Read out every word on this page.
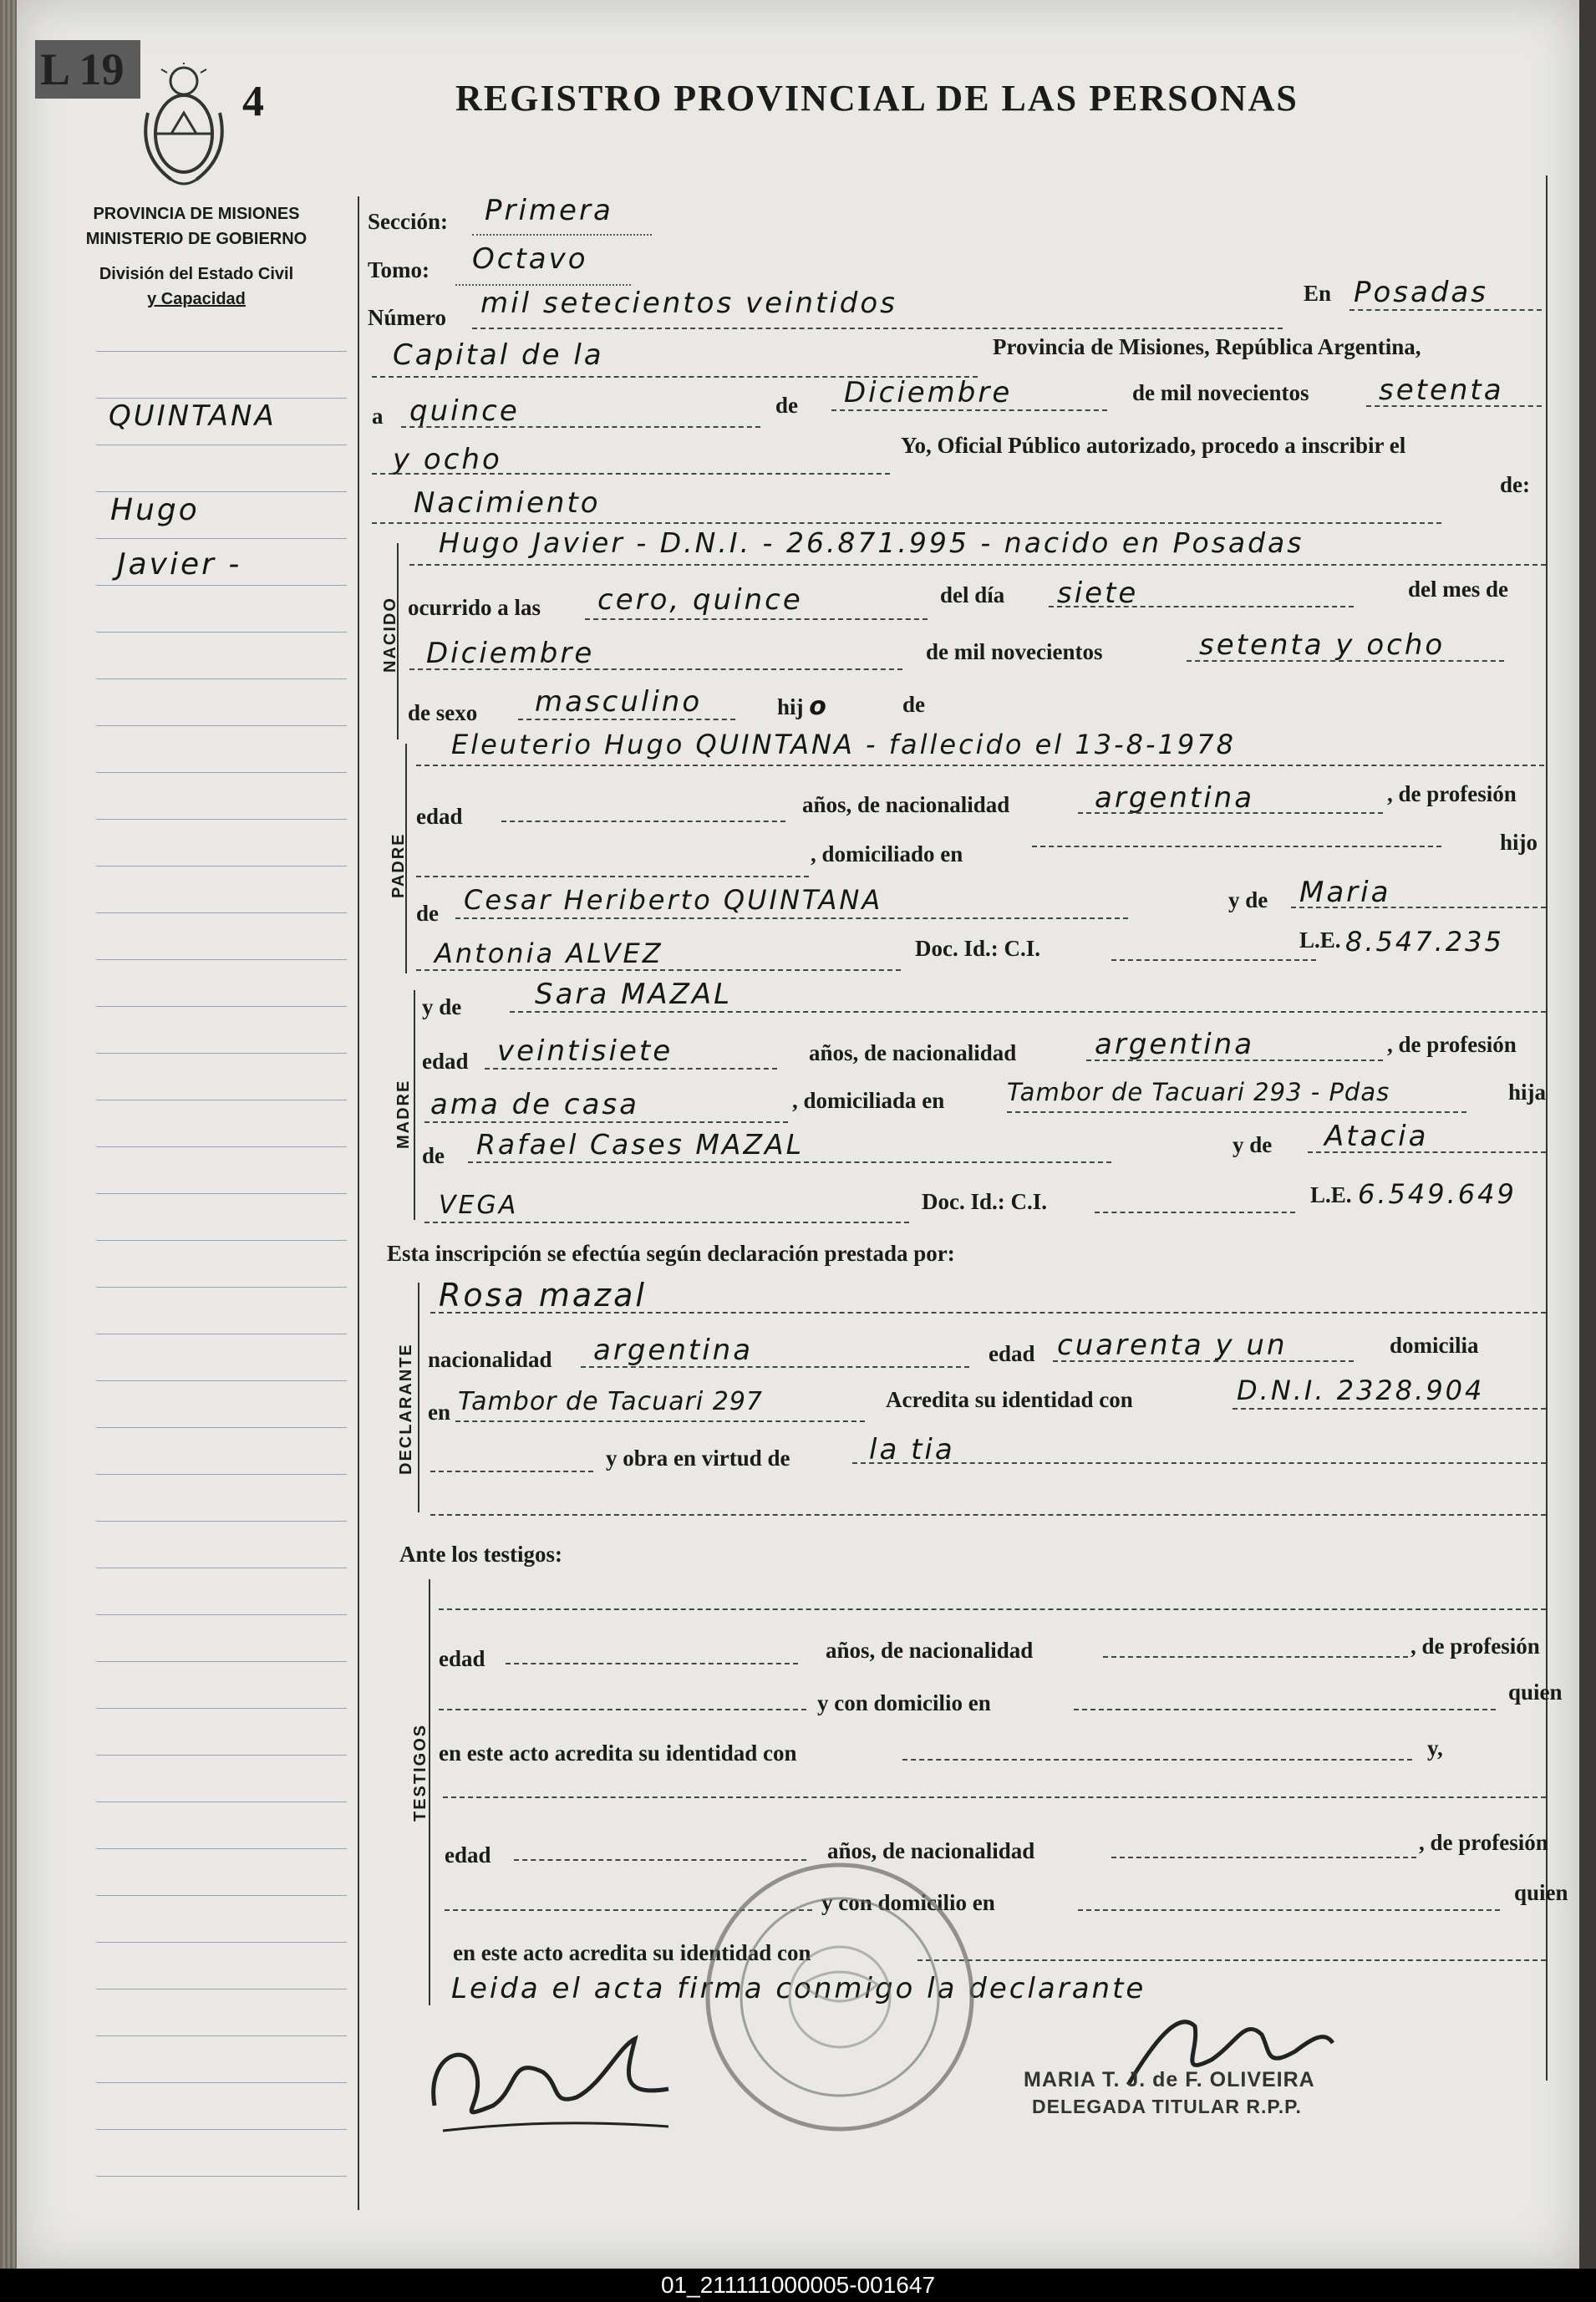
L 19
4	REGISTRO PROVINCIAL DE LAS PERSONAS
PROVINCIA DE MISIONES
MINISTERIO DE GOBIERNO
División del Estado Civil
y Capacidad
QUINTANA
Hugo
Javier -
Sección: Primera
Tomo: Octavo
Número mil setecientos veintidos	En Posadas
Capital de la	Provincia de Misiones, República Argentina,
a quince	de Diciembre	de mil novecientos setenta
y ocho	Yo, Oficial Público autorizado, procedo a inscribir el
Nacimiento
de:
NACIDO
Hugo Javier - D.N.I. - 26.871.995 - nacido en Posadas
ocurrido a las cero, quince	del día siete	del mes de
Diciembre	de mil novecientos	setenta y ocho
de sexo masculino	hij o	de
PADRE
Eleuterio Hugo QUINTANA - fallecido el 13-8-1978
edad	años, de nacionalidad	argentina	, de profesión
, domiciliado en	hijo
de Cesar Heriberto QUINTANA	y de Maria
Antonia ALVEZ	Doc. Id.: C.I.	L.E. 8.547.235
MADRE
y de	Sara MAZAL
edad veintisiete	años, de nacionalidad	argentina	, de profesión
ama de casa	, domiciliada en	Tambor de Tacuari 293 - Pdas	hija
de Rafael Cases MAZAL	y de Atacia
VEGA	Doc. Id.: C.I.	L.E. 6.549.649
Esta inscripción se efectúa según declaración prestada por:
DECLARANTE
Rosa mazal
nacionalidad argentina	edad cuarenta y un	domicilia
en Tambor de Tacuari 297	Acredita su identidad con	D.N.I. 2328.904
y obra en virtud de	la tia
Ante los testigos:
TESTIGOS
edad	años, de nacionalidad	, de profesión
y con domicilio en	quien
en este acto acredita su identidad con	y,
edad	años, de nacionalidad	, de profesión
y con domicilio en	quien
en este acto acredita su identidad con
Leida el acta firma conmigo la declarante
MARIA T. J. de F. OLIVEIRA
DELEGADA TITULAR R.P.P.
01_211111000005-001647
